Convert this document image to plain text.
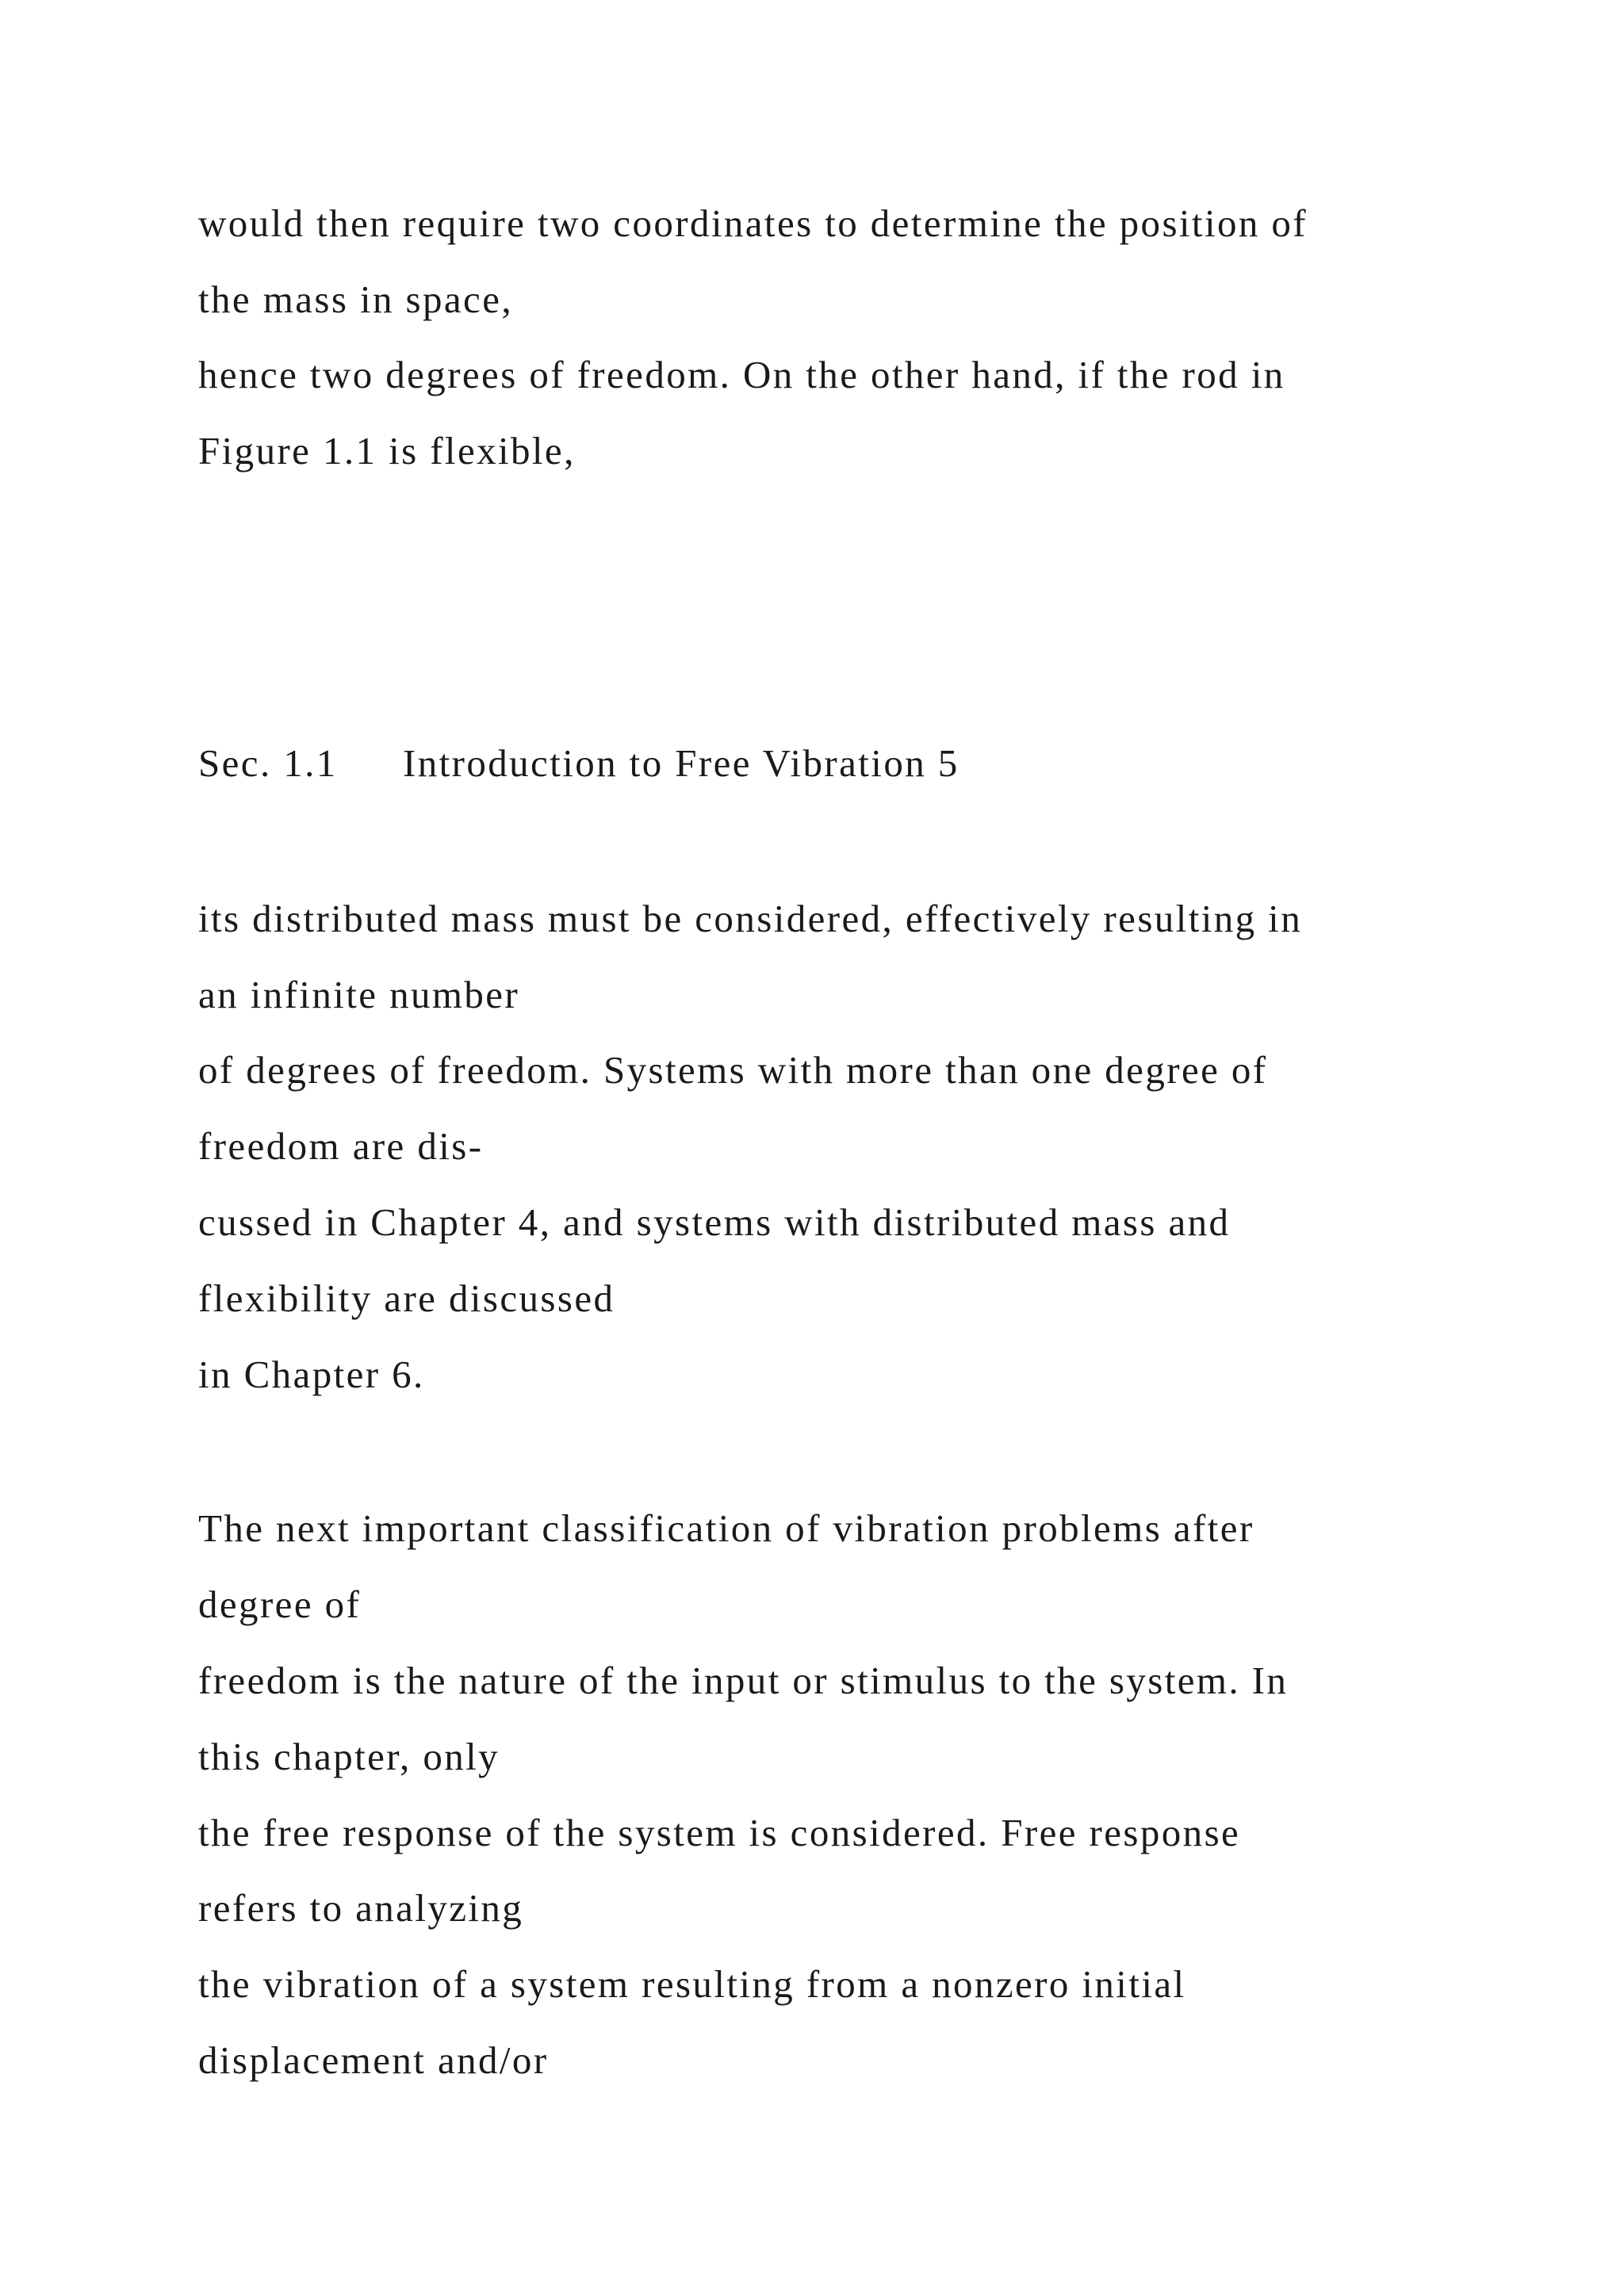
would then require two coordinates to determine the position of

the mass in space,

hence two degrees of freedom. On the other hand, if the rod in

Figure 1.1 is flexible,

Sec. 1.1 Introduction to Free Vibration 5

its distributed mass must be considered, effectively resulting in

an infinite number

of degrees of freedom. Systems with more than one degree of

freedom are dis-

cussed in Chapter 4, and systems with distributed mass and

flexibility are discussed

in Chapter 6.

The next important classification of vibration problems after

degree of

freedom is the nature of the input or stimulus to the system. In

this chapter, only

the free response of the system is considered. Free response

refers to analyzing

the vibration of a system resulting from a nonzero initial

displacement and/or
